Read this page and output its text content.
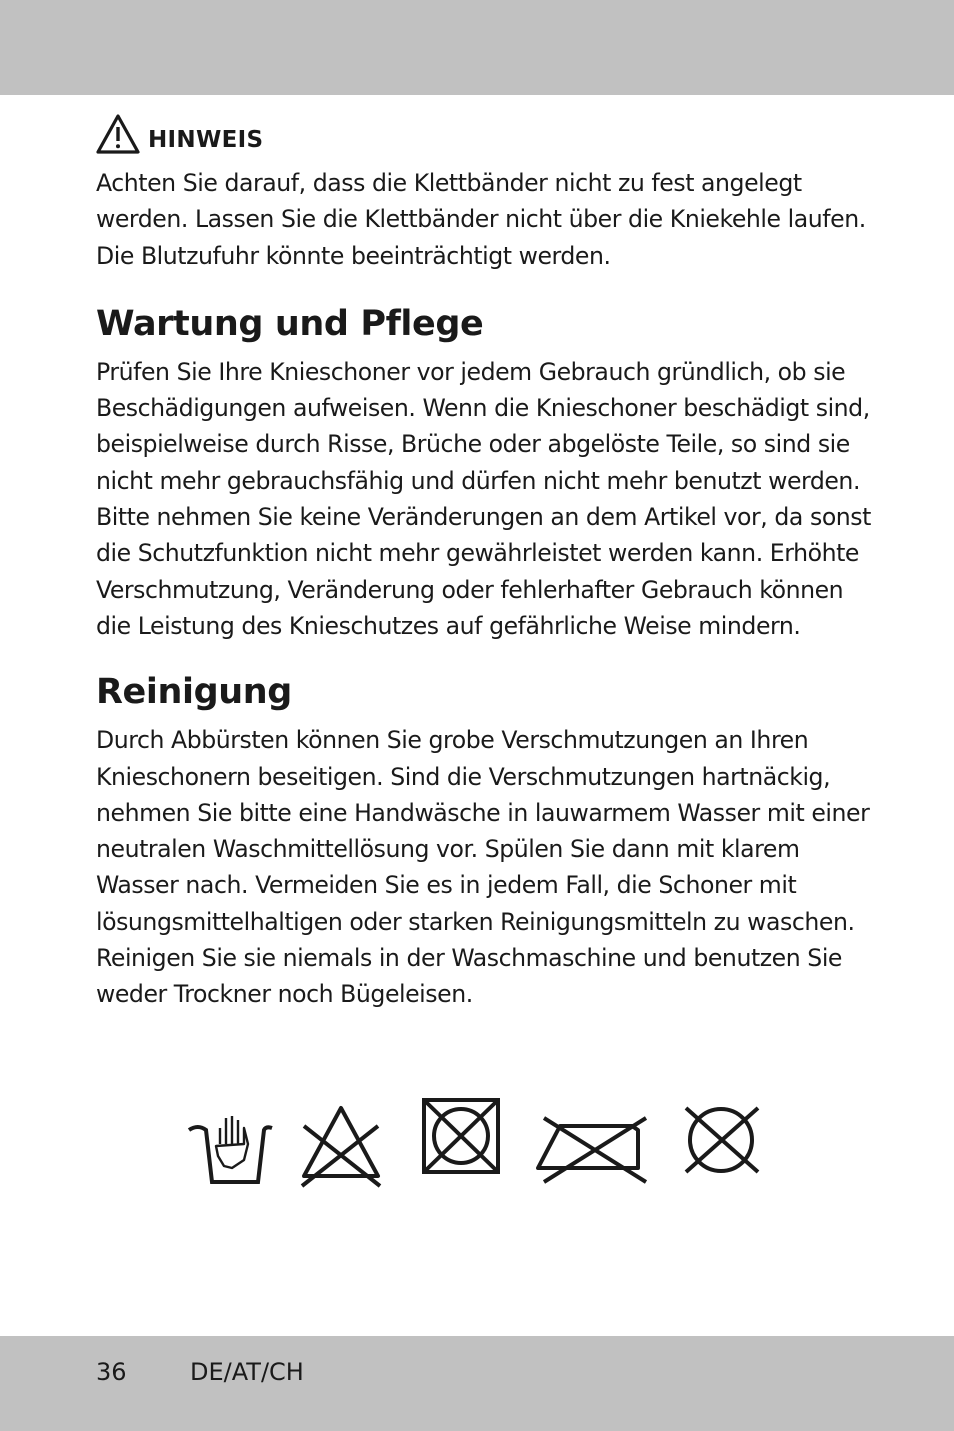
HINWEIS

Achten Sie darauf, dass die Klettbänder nicht zu fest angelegt werden. Lassen Sie die Klettbänder nicht über die Kniekehle laufen. Die Blutzufuhr könnte beeinträchtigt werden.

Wartung und Pflege

Prüfen Sie Ihre Knieschoner vor jedem Gebrauch gründlich, ob sie Beschädigungen aufweisen. Wenn die Knieschoner beschädigt sind, beispielweise durch Risse, Brüche oder abgelöste Teile, so sind sie nicht mehr gebrauchsfähig und dürfen nicht mehr benutzt werden. Bitte nehmen Sie keine Veränderungen an dem Artikel vor, da sonst die Schutzfunktion nicht mehr gewährleistet werden kann. Erhöhte Verschmutzung, Veränderung oder fehlerhafter Gebrauch können die Leistung des Knieschutzes auf gefährliche Weise mindern.

Reinigung

Durch Abbürsten können Sie grobe Verschmutzungen an Ihren Knieschonern beseitigen. Sind die Verschmutzungen hartnäckig, nehmen Sie bitte eine Handwäsche in lauwarmem Wasser mit einer neutralen Waschmittellösung vor. Spülen Sie dann mit klarem Wasser nach. Vermeiden Sie es in jedem Fall, die Schoner mit lösungsmittelhaltigen oder starken Reinigungsmitteln zu waschen. Reinigen Sie sie niemals in der Waschmaschine und benutzen Sie weder Trockner noch Bügeleisen.

36	DE/AT/CH
